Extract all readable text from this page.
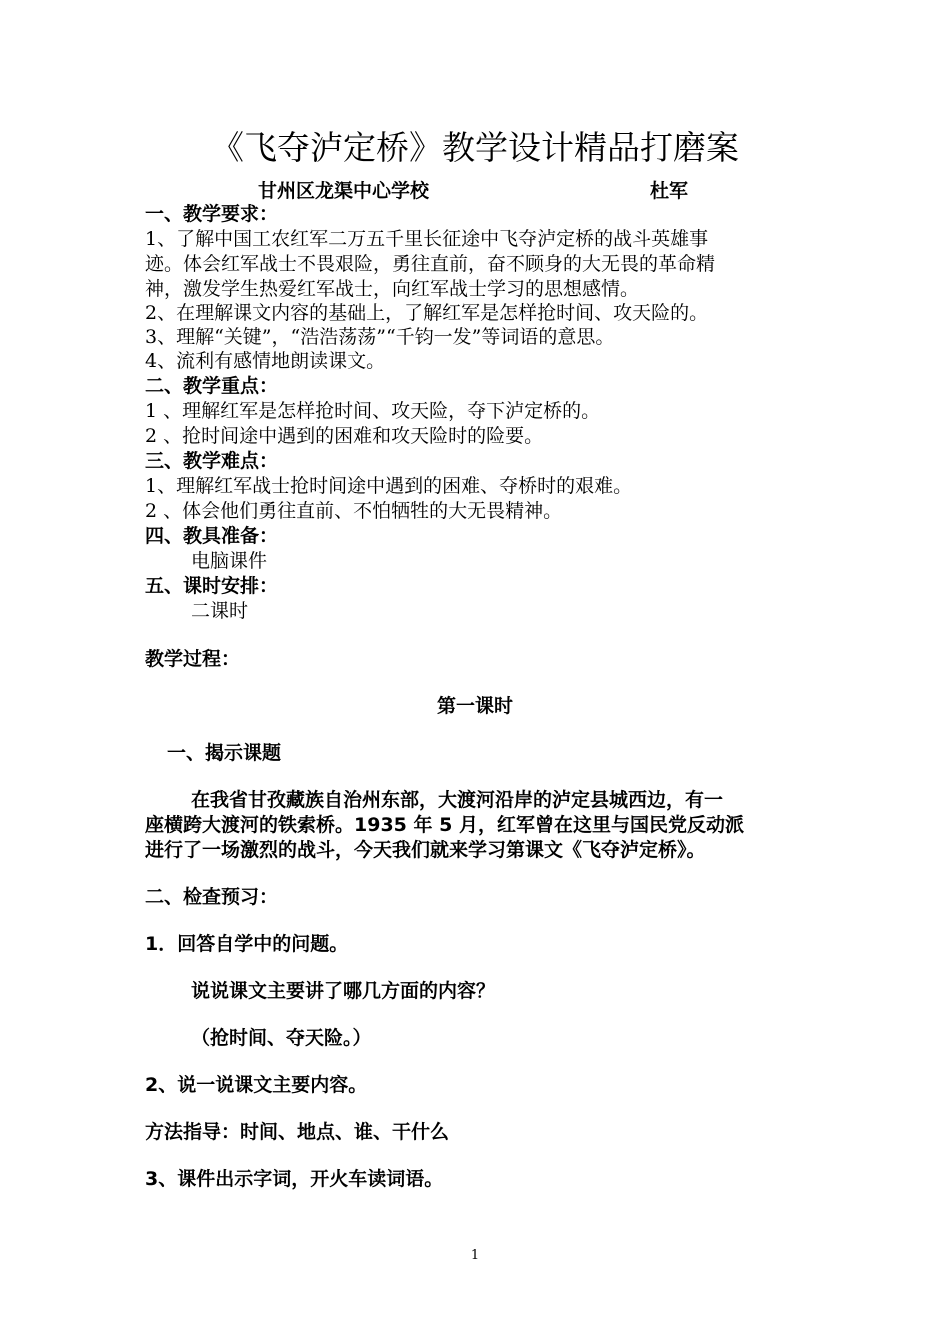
《飞夺泸定桥》教学设计精品打磨案
甘州区龙渠中心学校	杜军
一、教学要求：
1、了解中国工农红军二万五千里长征途中飞夺泸定桥的战斗英雄事
迹。体会红军战士不畏艰险，勇往直前，奋不顾身的大无畏的革命精
神，激发学生热爱红军战士，向红军战士学习的思想感情。
2、在理解课文内容的基础上，了解红军是怎样抢时间、攻天险的。
3、理解“关键”，“浩浩荡荡”“千钧一发”等词语的意思。
4、流利有感情地朗读课文。
二、教学重点：
1 、理解红军是怎样抢时间、攻天险，夺下泸定桥的。
2 、抢时间途中遇到的困难和攻天险时的险要。
三、教学难点：
1、理解红军战士抢时间途中遇到的困难、夺桥时的艰难。
2 、体会他们勇往直前、不怕牺牲的大无畏精神。
四、教具准备：
电脑课件
五、课时安排：
二课时
教学过程：
第一课时
一、揭示课题
在我省甘孜藏族自治州东部，大渡河沿岸的泸定县城西边，有一
座横跨大渡河的铁索桥。1935 年 5 月，红军曾在这里与国民党反动派
进行了一场激烈的战斗，今天我们就来学习第课文《飞夺泸定桥》。
二、检查预习：
1．回答自学中的问题。
说说课文主要讲了哪几方面的内容？
（抢时间、夺天险。）
2、说一说课文主要内容。
方法指导：时间、地点、谁、干什么
3、课件出示字词，开火车读词语。
1
